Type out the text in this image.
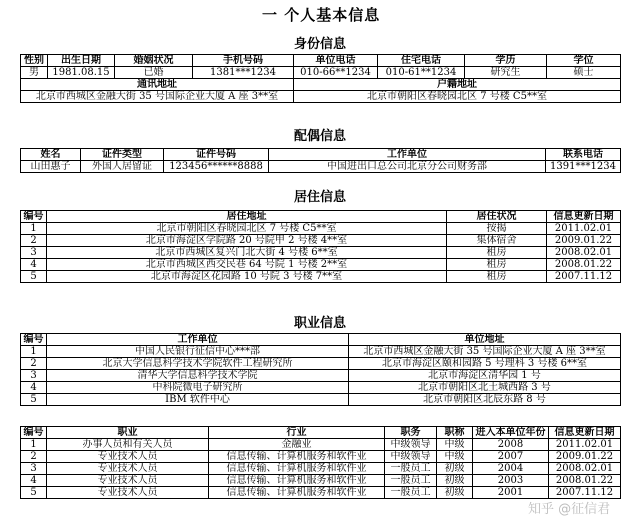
一 个人基本信息
身份信息
性别	出生日期	婚姻状况	手机号码	单位电话	住宅电话	学历	学位
男	1981.08.15	已婚	1381***1234	010-66**1234	010-61**1234	研究生	硕士
通讯地址				户籍地址			
北京市西城区金融大街 35 号国际企业大厦 A 座 3**室				北京市朝阳区春晓园北区 7 号楼 C5**室			
配偶信息
姓名	证件类型	证件号码	工作单位	联系电话
山田惠子	外国人居留证	123456******8888	中国进出口总公司北京分公司财务部	1391***1234
居住信息
编号	居住地址	居住状况	信息更新日期
1	北京市朝阳区春晓园北区 7 号楼 C5**室	按揭	2011.02.01
2	北京市海淀区学院路 20 号院甲 2 号楼 4**室	集体宿舍	2009.01.22
3	北京市西城区复兴门北大街 4 号楼 6**室	租房	2008.02.01
4	北京市西城区西交民巷 64 号院 1 号楼 2**室	租房	2008.01.22
5	北京市海淀区花园路 10 号院 3 号楼 7**室	租房	2007.11.12
职业信息
编号	工作单位	单位地址
1	中国人民银行征信中心***部	北京市西城区金融大街 35 号国际企业大厦 A 座 3**室
2	北京大学信息科学技术学院软件工程研究所	北京市海淀区颐和园路 5 号理科 3 号楼 6**室
3	清华大学信息科学技术学院	北京市海淀区清华园 1 号
4	中科院微电子研究所	北京市朝阳区北土城西路 3 号
5	IBM 软件中心	北京市朝阳区北辰东路 8 号
编号	职业	行业	职务	职称	进入本单位年份	信息更新日期
1	办事人员和有关人员	金融业	中级领导	中级	2008	2011.02.01
2	专业技术人员	信息传输、计算机服务和软件业	中级领导	中级	2007	2009.01.22
3	专业技术人员	信息传输、计算机服务和软件业	一般员工	初级	2004	2008.02.01
4	专业技术人员	信息传输、计算机服务和软件业	一般员工	初级	2003	2008.01.22
5	专业技术人员	信息传输、计算机服务和软件业	一般员工	初级	2001	2007.11.12
知乎 @征信君
